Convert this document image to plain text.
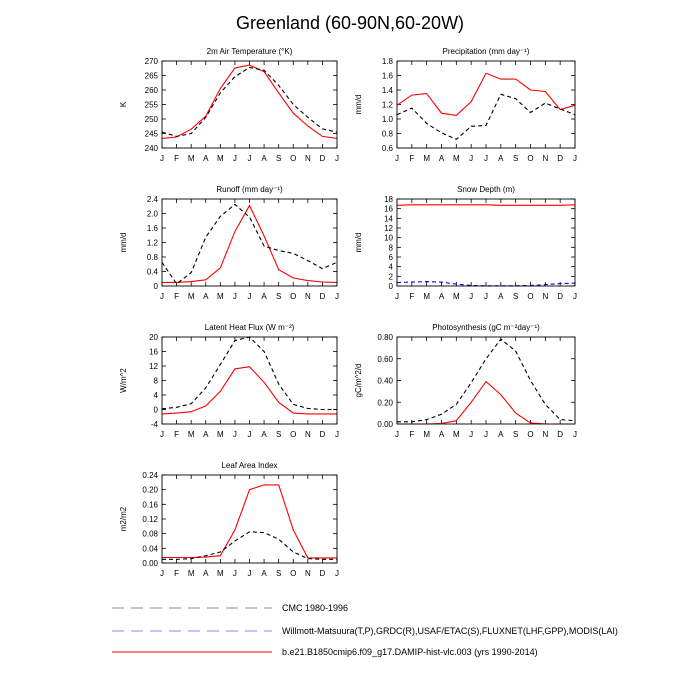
Greenland (60-90N,60-20W)
2m Air Temperature (°K)
K
240
245
250
255
260
265
270
J F M A M J J A S O N D J
Precipitation (mm day⁻¹)
mm/d
0.6
0.8
1.0
1.2
1.4
1.6
1.8
J F M A M J J A S O N D J
Runoff (mm day⁻¹)
mm/d
0
0.4
0.8
1.2
1.6
2.0
2.4
J F M A M J J A S O N D J
Snow Depth (m)
mm/d
0
2
4
6
8
10
12
14
16
18
J F M A M J J A S O N D J
Latent Heat Flux (W m⁻²)
W/m^2
-4
0
4
8
12
16
20
J F M A M J J A S O N D J
Photosynthesis (gC m⁻²day⁻¹)
gC/m^2/d
0.00
0.20
0.40
0.60
0.80
J F M A M J J A S O N D J
Leaf Area Index
m2/m2
0.00
0.04
0.08
0.12
0.16
0.20
0.24
J F M A M J J A S O N D J
CMC 1980-1996
Willmott-Matsuura(T,P),GRDC(R),USAF/ETAC(S),FLUXNET(LHF,GPP),MODIS(LAI)
b.e21.B1850cmip6.f09_g17.DAMIP-hist-vlc.003 (yrs 1990-2014)
